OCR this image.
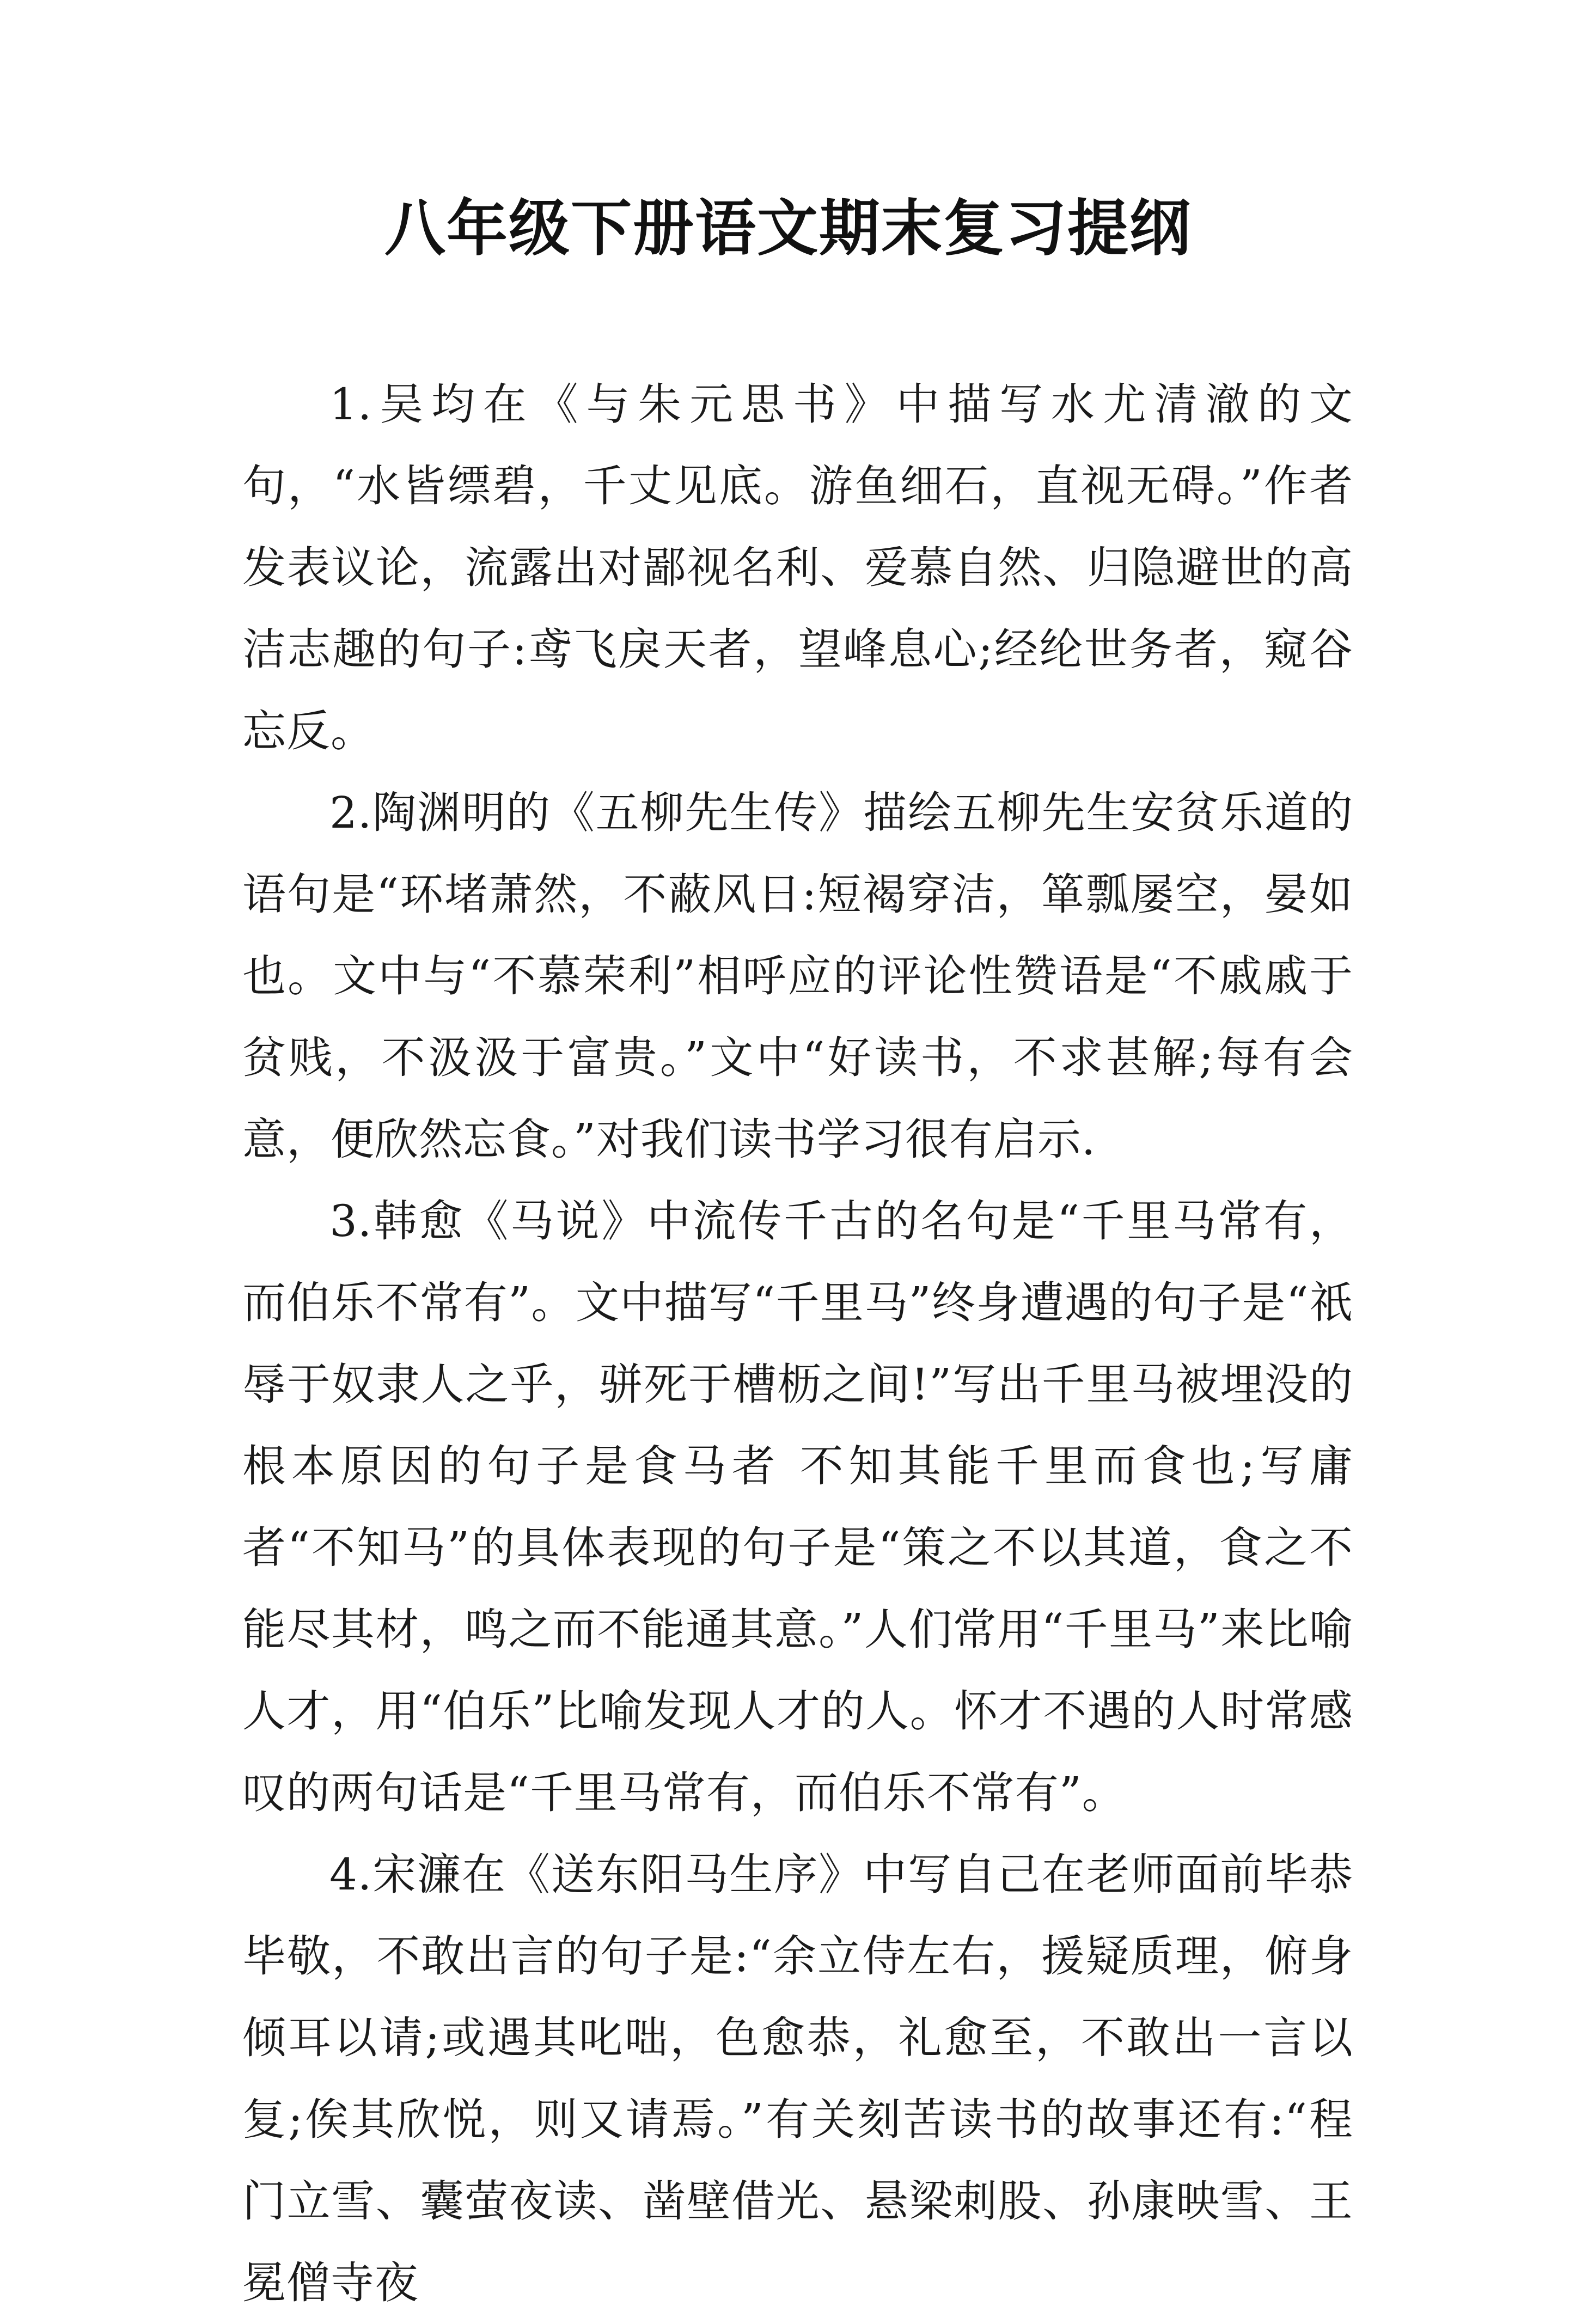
八年级下册语文期末复习提纲

1.吴均在《与朱元思书》中描写水尤清澈的文句，“水皆缥碧，千丈见底。游鱼细石，直视无碍。”作者发表议论，流露出对鄙视名利、爱慕自然、归隐避世的高洁志趣的句子:鸢飞戾天者，望峰息心;经纶世务者，窥谷忘反。

2.陶渊明的《五柳先生传》描绘五柳先生安贫乐道的语句是“环堵萧然，不蔽风日:短褐穿洁，箪瓢屡空，晏如也。文中与“不慕荣利”相呼应的评论性赞语是“不戚戚于贫贱，不汲汲于富贵。”文中“好读书，不求甚解;每有会意，便欣然忘食。”对我们读书学习很有启示.

3.韩愈《马说》中流传千古的名句是“千里马常有，而伯乐不常有”。文中描写“千里马”终身遭遇的句子是“祇辱于奴隶人之乎，骈死于槽枥之间!”写出千里马被埋没的根本原因的句子是食马者 不知其能千里而食也;写庸者“不知马”的具体表现的句子是“策之不以其道，食之不能尽其材，鸣之而不能通其意。”人们常用“千里马”来比喻人才，用“伯乐”比喻发现人才的人。怀才不遇的人时常感叹的两句话是“千里马常有，而伯乐不常有”。

4.宋濂在《送东阳马生序》中写自己在老师面前毕恭毕敬，不敢出言的句子是:“余立侍左右，援疑质理，俯身倾耳以请;或遇其叱咄，色愈恭，礼愈至，不敢出一言以复;俟其欣悦，则又请焉。”有关刻苦读书的故事还有:“程门立雪、囊萤夜读、凿壁借光、悬梁刺股、孙康映雪、王冕僧寺夜
